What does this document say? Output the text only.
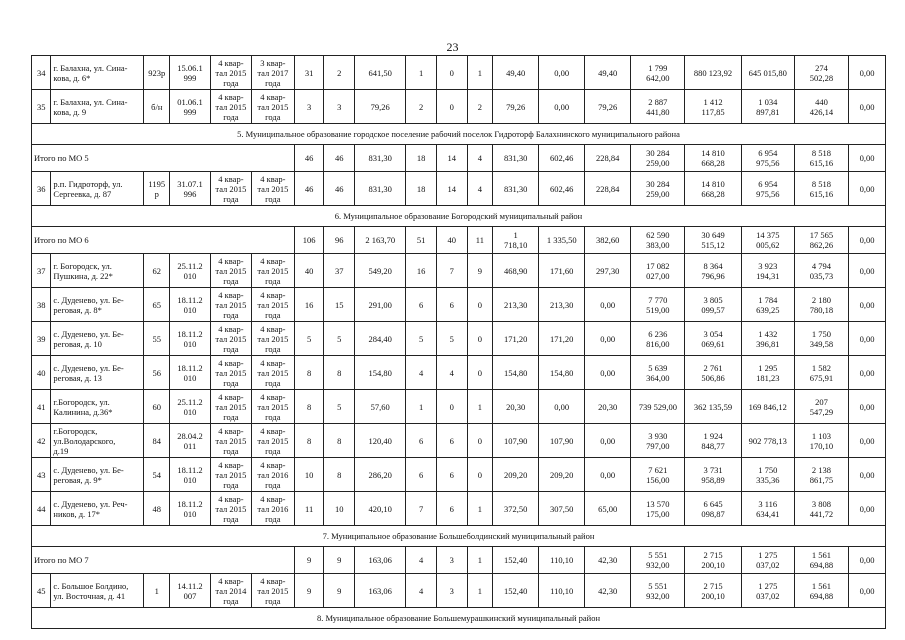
23
34	г. Балахна, ул. Сина-
кова, д. 6*	923р	15.06.1
999	4 квар-
тал 2015
года	3 квар-
тал 2017
года	31	2	641,50	1	0	1	49,40	0,00	49,40	1 799
642,00	880 123,92	645 015,80	274
502,28	0,00
35	г. Балахна, ул. Сина-
кова, д. 9	б/н	01.06.1
999	4 квар-
тал 2015
года	4 квар-
тал 2015
года	3	3	79,26	2	0	2	79,26	0,00	79,26	2 887
441,80	1 412
117,85	1 034
897,81	440
426,14	0,00
5. Муниципальное образование городское поселение рабочий поселок Гидроторф Балахнинского муниципального района																			
Итого по МО 5						46	46	831,30	18	14	4	831,30	602,46	228,84	30 284
259,00	14 810
668,28	6 954
975,56	8 518
615,16	0,00
36	р.п. Гидроторф, ул.
Сергеевка, д. 87	1195
р	31.07.1
996	4 квар-
тал 2015
года	4 квар-
тал 2015
года	46	46	831,30	18	14	4	831,30	602,46	228,84	30 284
259,00	14 810
668,28	6 954
975,56	8 518
615,16	0,00
6. Муниципальное образование Богородский муниципальный район																			
Итого по МО 6						106	96	2 163,70	51	40	11	1
718,10	1 335,50	382,60	62 590
383,00	30 649
515,12	14 375
005,62	17 565
862,26	0,00
37	г. Богородск, ул.
Пушкина, д. 22*	62	25.11.2
010	4 квар-
тал 2015
года	4 квар-
тал 2015
года	40	37	549,20	16	7	9	468,90	171,60	297,30	17 082
027,00	8 364
796,96	3 923
194,31	4 794
035,73	0,00
38	с. Дуденево, ул. Бе-
реговая, д. 8*	65	18.11.2
010	4 квар-
тал 2015
года	4 квар-
тал 2015
года	16	15	291,00	6	6	0	213,30	213,30	0,00	7 770
519,00	3 805
099,57	1 784
639,25	2 180
780,18	0,00
39	с. Дуденево, ул. Бе-
реговая, д. 10	55	18.11.2
010	4 квар-
тал 2015
года	4 квар-
тал 2015
года	5	5	284,40	5	5	0	171,20	171,20	0,00	6 236
816,00	3 054
069,61	1 432
396,81	1 750
349,58	0,00
40	с. Дуденево, ул. Бе-
реговая, д. 13	56	18.11.2
010	4 квар-
тал 2015
года	4 квар-
тал 2015
года	8	8	154,80	4	4	0	154,80	154,80	0,00	5 639
364,00	2 761
506,86	1 295
181,23	1 582
675,91	0,00
41	г.Богородск, ул.
Калинина, д.36*	60	25.11.2
010	4 квар-
тал 2015
года	4 квар-
тал 2015
года	8	5	57,60	1	0	1	20,30	0,00	20,30	739 529,00	362 135,59	169 846,12	207
547,29	0,00
42	г.Богородск,
ул.Володарского,
д.19	84	28.04.2
011	4 квар-
тал 2015
года	4 квар-
тал 2015
года	8	8	120,40	6	6	0	107,90	107,90	0,00	3 930
797,00	1 924
848,77	902 778,13	1 103
170,10	0,00
43	с. Дуденево, ул. Бе-
реговая, д. 9*	54	18.11.2
010	4 квар-
тал 2015
года	4 квар-
тал 2016
года	10	8	286,20	6	6	0	209,20	209,20	0,00	7 621
156,00	3 731
958,89	1 750
335,36	2 138
861,75	0,00
44	с. Дуденево, ул. Реч-
ников, д. 17*	48	18.11.2
010	4 квар-
тал 2015
года	4 квар-
тал 2016
года	11	10	420,10	7	6	1	372,50	307,50	65,00	13 570
175,00	6 645
098,87	3 116
634,41	3 808
441,72	0,00
7. Муниципальное образование Большеболдинский муниципальный район																			
Итого по МО 7						9	9	163,06	4	3	1	152,40	110,10	42,30	5 551
932,00	2 715
200,10	1 275
037,02	1 561
694,88	0,00
45	с. Большое Болдино,
ул. Восточная, д. 41	1	14.11.2
007	4 квар-
тал 2014
года	4 квар-
тал 2015
года	9	9	163,06	4	3	1	152,40	110,10	42,30	5 551
932,00	2 715
200,10	1 275
037,02	1 561
694,88	0,00
8. Муниципальное образование Большемурашкинский муниципальный район																			
